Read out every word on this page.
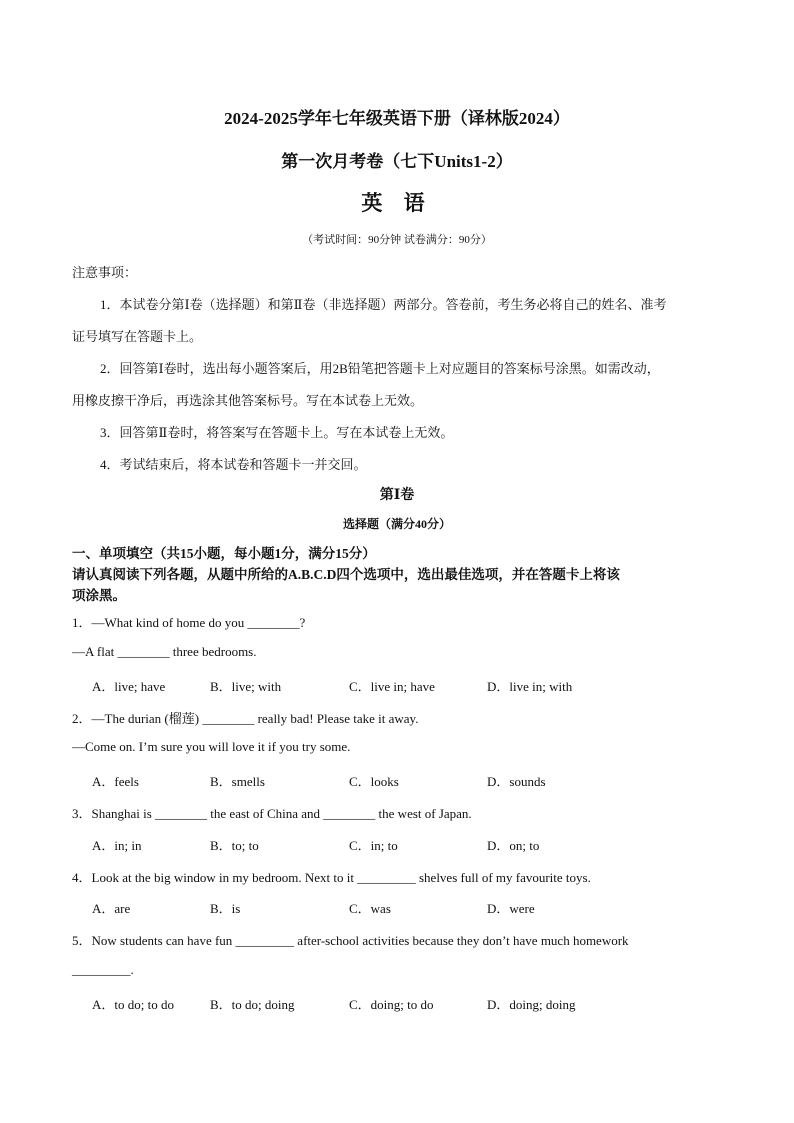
2024-2025学年七年级英语下册（译林版2024）
第一次月考卷（七下Units1-2）
英 语
（考试时间：90分钟 试卷满分：90分）
注意事项：
1．本试卷分第Ⅰ卷（选择题）和第Ⅱ卷（非选择题）两部分。答卷前，考生务必将自己的姓名、准考
证号填写在答题卡上。
2．回答第Ⅰ卷时，选出每小题答案后，用2B铅笔把答题卡上对应题目的答案标号涂黑。如需改动，
用橡皮擦干净后，再选涂其他答案标号。写在本试卷上无效。
3．回答第Ⅱ卷时，将答案写在答题卡上。写在本试卷上无效。
4．考试结束后，将本试卷和答题卡一并交回。
第Ⅰ卷
选择题（满分40分）
一、单项填空（共15小题，每小题1分，满分15分）
请认真阅读下列各题，从题中所给的A.B.C.D四个选项中，选出最佳选项，并在答题卡上将该
项涂黑。
1．—What kind of home do you ________?
—A flat ________ three bedrooms.
A．live; have	B．live; with	C．live in; have	D．live in; with
2．—The durian (榴莲) ________ really bad! Please take it away.
—Come on. I’m sure you will love it if you try some.
A．feels	B．smells	C．looks	D．sounds
3．Shanghai is ________ the east of China and ________ the west of Japan.
A．in; in	B．to; to	C．in; to	D．on; to
4．Look at the big window in my bedroom. Next to it _________ shelves full of my favourite toys.
A．are	B．is	C．was	D．were
5．Now students can have fun _________ after-school activities because they don’t have much homework
_________.
A．to do; to do	B．to do; doing	C．doing; to do	D．doing; doing
